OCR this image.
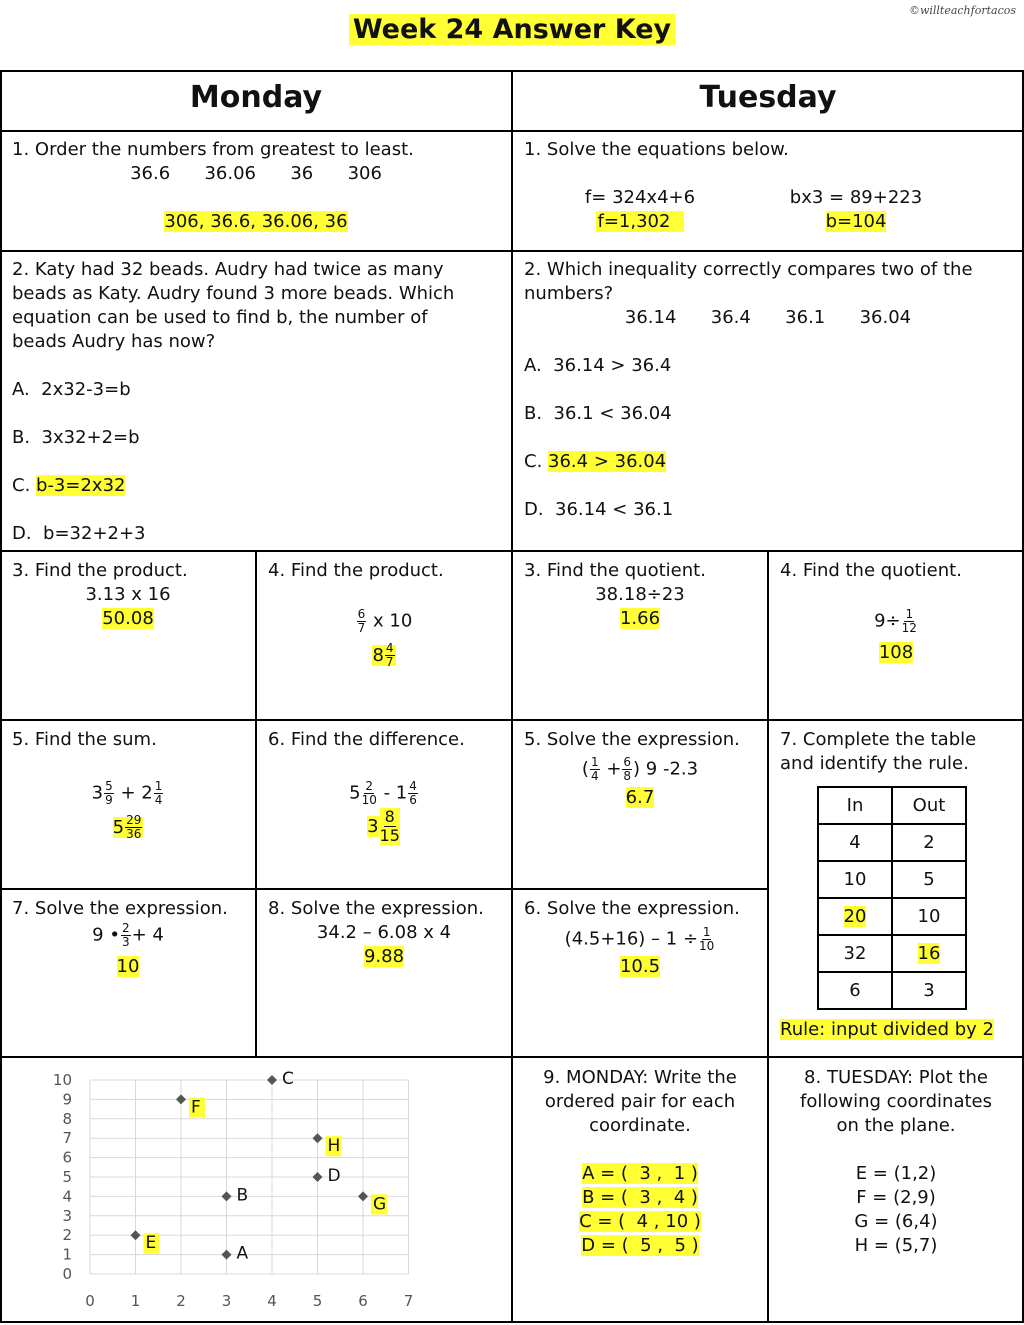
Week 24 Answer Key
©willteachfortacos
Monday	Tuesday
1. Order the numbers from greatest to least.
36.6      36.06      36      306
306, 36.6, 36.06, 36
1. Solve the equations below.
f= 324x4+6
f=1,302
bx3 = 89+223
b=104
2. Katy had 32 beads. Audry had twice as many
beads as Katy. Audry found 3 more beads. Which
equation can be used to find b, the number of
beads Audry has now?
A.  2x32-3=b
B.  3x32+2=b
C. b-3=2x32
D.  b=32+2+3
2. Which inequality correctly compares two of the
numbers?
36.14      36.4      36.1      36.04
A.  36.14 > 36.4
B.  36.1 < 36.04
C. 36.4 > 36.04
D.  36.14 < 36.1
3. Find the product.
3.13 x 16
50.08
4. Find the product.
$\frac{6}{7}$ x 10
$8 \frac{4}{7}$
3. Find the quotient.
38.18÷23
1.66
4. Find the quotient.
$9\div \frac{1}{12}$
108
5. Find the sum.
$3 \frac{5}{9} + 2 \frac{1}{4}$
$5 \frac{29}{36}$
6. Find the difference.
$5 \frac{2}{10} - 1 \frac{4}{6}$
$3 \frac{8}{15}$
5. Solve the expression.
( $\frac{1}{4} + \frac{6}{8}$ ) 9 -2.3
6.7
7. Complete the table
and identify the rule.
In	Out
4	2
10	5
20	10
32	16
6	3
Rule: input divided by 2
7. Solve the expression.
9 • $\frac{2}{3} + 4$
10
8. Solve the expression.
34.2 – 6.08 x 4
9.88
6. Solve the expression.
$(4.5+16) - 1 \div \frac{1}{10}$
10.5
0 1 2 3 4 5 6 7
0
1
2
3
4
5
6
7
8
9
10
A
B
C
D
E
F
G
H
9. MONDAY: Write the
ordered pair for each
coordinate.
A = (  3 ,  1 )
B = (  3 ,  4 )
C = (  4 , 10 )
D = (  5 ,  5 )
8. TUESDAY: Plot the
following coordinates
on the plane.
E = (1,2)
F = (2,9)
G = (6,4)
H = (5,7)
